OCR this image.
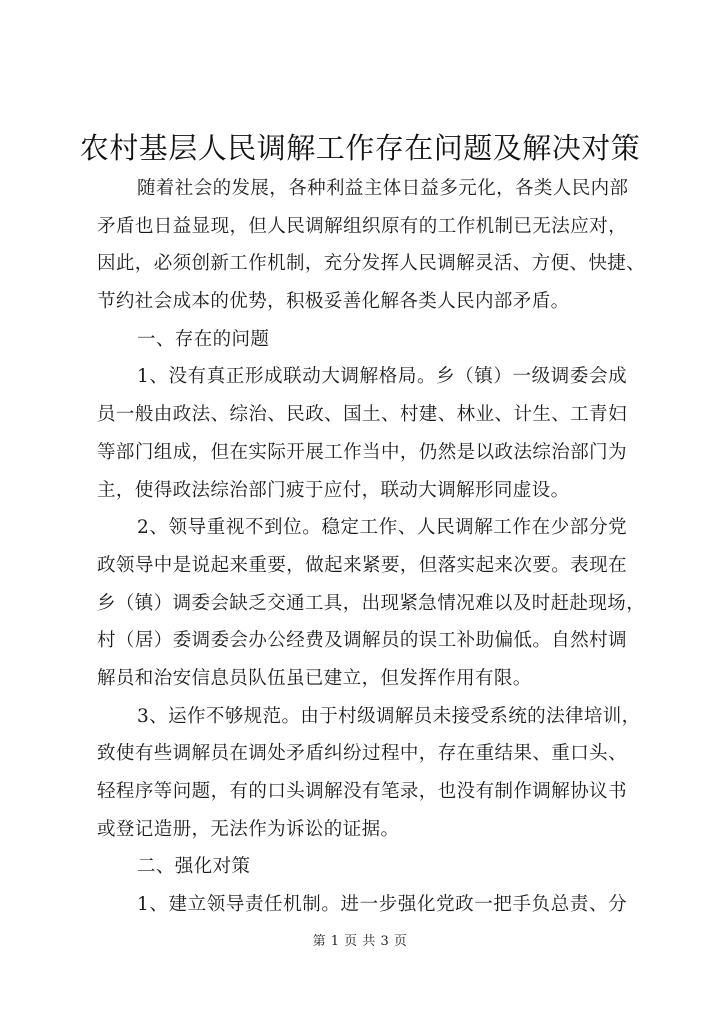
农村基层人民调解工作存在问题及解决对策
随着社会的发展，各种利益主体日益多元化，各类人民内部
矛盾也日益显现，但人民调解组织原有的工作机制已无法应对，
因此，必须创新工作机制，充分发挥人民调解灵活、方便、快捷、
节约社会成本的优势，积极妥善化解各类人民内部矛盾。
一、存在的问题
1、没有真正形成联动大调解格局。乡（镇）一级调委会成
员一般由政法、综治、民政、国土、村建、林业、计生、工青妇
等部门组成，但在实际开展工作当中，仍然是以政法综治部门为
主，使得政法综治部门疲于应付，联动大调解形同虚设。
2、领导重视不到位。稳定工作、人民调解工作在少部分党
政领导中是说起来重要，做起来紧要，但落实起来次要。表现在
乡（镇）调委会缺乏交通工具，出现紧急情况难以及时赶赴现场，
村（居）委调委会办公经费及调解员的误工补助偏低。自然村调
解员和治安信息员队伍虽已建立，但发挥作用有限。
3、运作不够规范。由于村级调解员未接受系统的法律培训，
致使有些调解员在调处矛盾纠纷过程中，存在重结果、重口头、
轻程序等问题，有的口头调解没有笔录，也没有制作调解协议书
或登记造册，无法作为诉讼的证据。
二、强化对策
1、建立领导责任机制。进一步强化党政一把手负总责、分
第 1 页 共 3 页
